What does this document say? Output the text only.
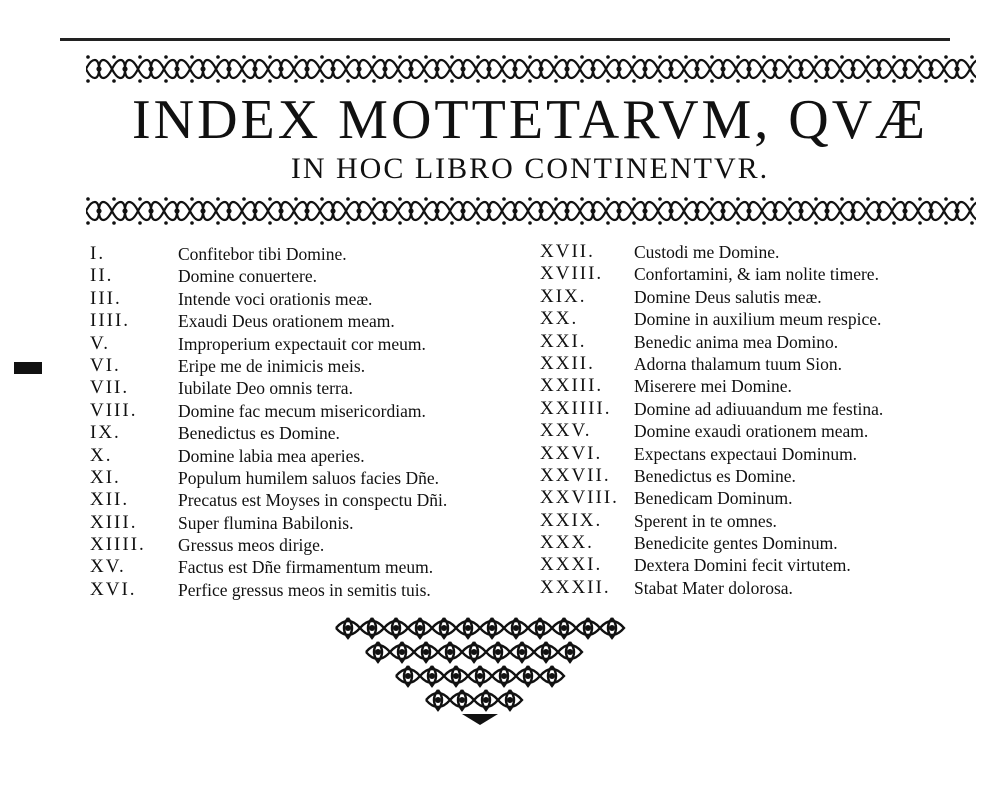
INDEX MOTTETARVM, QVÆ
IN HOC LIBRO CONTINENTVR.
I.	Confitebor tibi Domine.
II.	Domine conuertere.
III.	Intende voci orationis meæ.
IIII.	Exaudi Deus orationem meam.
V.	Improperium expectauit cor meum.
VI.	Eripe me de inimicis meis.
VII.	Iubilate Deo omnis terra.
VIII.	Domine fac mecum misericordiam.
IX.	Benedictus es Domine.
X.	Domine labia mea aperies.
XI.	Populum humilem saluos facies Dñe.
XII.	Precatus est Moyses in conspectu Dñi.
XIII.	Super flumina Babilonis.
XIIII.	Gressus meos dirige.
XV.	Factus est Dñe firmamentum meum.
XVI.	Perfice gressus meos in semitis tuis.
XVII.	Custodi me Domine.
XVIII.	Confortamini, & iam nolite timere.
XIX.	Domine Deus salutis meæ.
XX.	Domine in auxilium meum respice.
XXI.	Benedic anima mea Domino.
XXII.	Adorna thalamum tuum Sion.
XXIII.	Miserere mei Domine.
XXIIII.	Domine ad adiuuandum me festina.
XXV.	Domine exaudi orationem meam.
XXVI.	Expectans expectaui Dominum.
XXVII.	Benedictus es Domine.
XXVIII. Benedicam Dominum.
XXIX.	Sperent in te omnes.
XXX.	Benedicite gentes Dominum.
XXXI.	Dextera Domini fecit virtutem.
XXXII.	Stabat Mater dolorosa.
